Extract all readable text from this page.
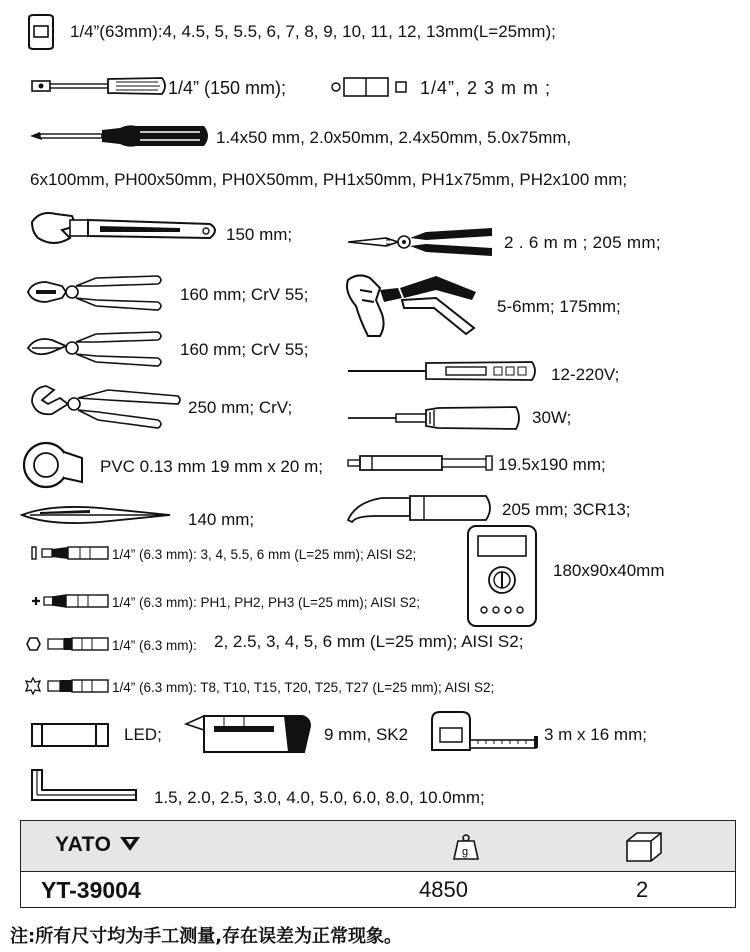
1/4”(63mm):4, 4.5, 5, 5.5, 6, 7, 8, 9, 10, 11, 12, 13mm(L=25mm);
1/4” (150 mm);	1/4”, 2 3 m m ;
1.4x50 mm, 2.0x50mm, 2.4x50mm, 5.0x75mm,
6x100mm, PH00x50mm, PH0X50mm, PH1x50mm, PH1x75mm, PH2x100 mm;
150 mm;	2 . 6 m m ; 205 mm;
160 mm; CrV 55;
5-6mm; 175mm;
160 mm; CrV 55;
12-220V;
250 mm; CrV;
30W;
PVC 0.13 mm 19 mm x 20 m;	19.5x190 mm;
140 mm;
205 mm; 3CR13;
1/4” (6.3 mm): 3, 4, 5.5, 6 mm (L=25 mm); AISI S2;
1/4” (6.3 mm): PH1, PH2, PH3 (L=25 mm); AISI S2;
1/4” (6.3 mm): 2, 2.5, 3, 4, 5, 6 mm (L=25 mm); AISI S2;
1/4” (6.3 mm): T8, T10, T15, T20, T25, T27 (L=25 mm); AISI S2;
180x90x40mm
LED;	9 mm, SK2	3 m x 16 mm;
1.5, 2.0, 2.5, 3.0, 4.0, 5.0, 6.0, 8.0, 10.0mm;
YATO	g
YT-39004	4850	2
注:所有尺寸均为手工测量,存在误差为正常现象。
